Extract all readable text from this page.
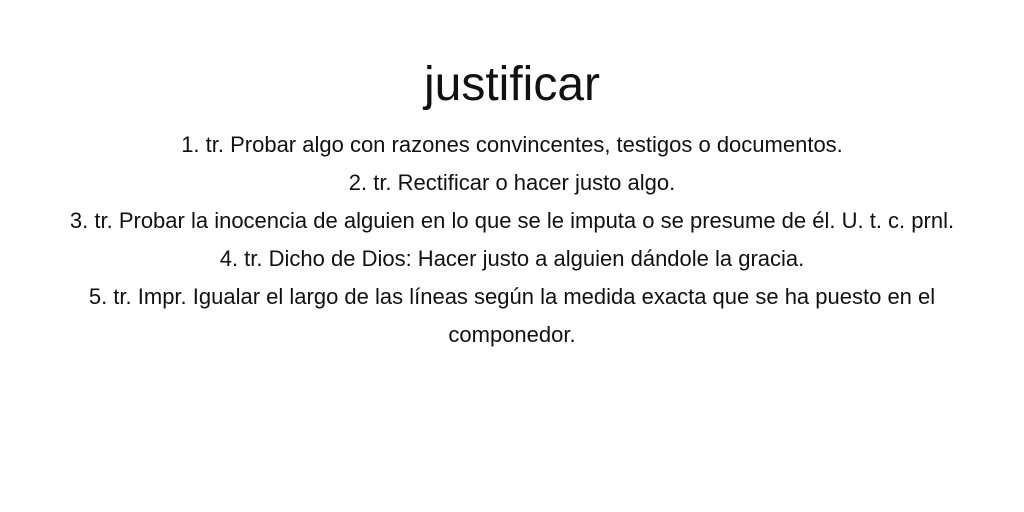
justificar
1. tr. Probar algo con razones convincentes, testigos o documentos.
2. tr. Rectificar o hacer justo algo.
3. tr. Probar la inocencia de alguien en lo que se le imputa o se presume de él. U. t. c. prnl.
4. tr. Dicho de Dios: Hacer justo a alguien dándole la gracia.
5. tr. Impr. Igualar el largo de las líneas según la medida exacta que se ha puesto en el componedor.
